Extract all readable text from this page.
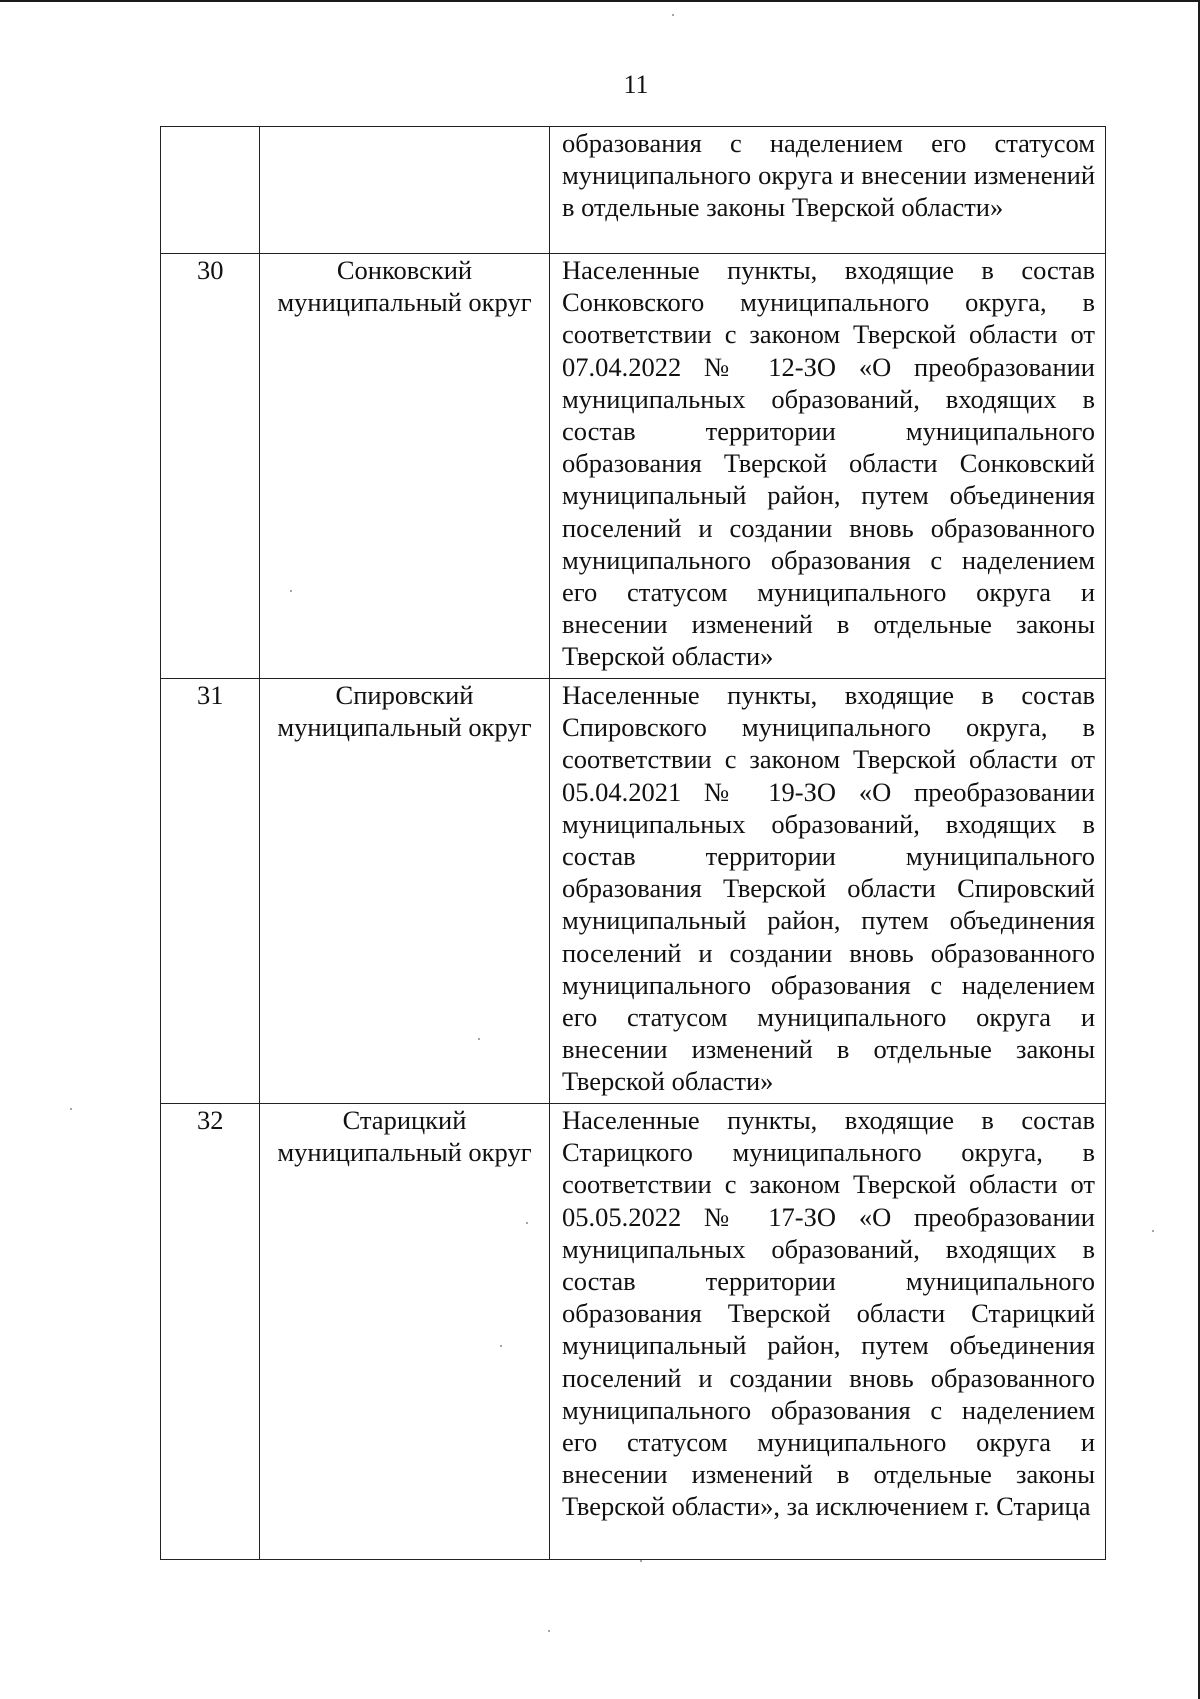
11
		образования с наделением его статусом муниципального округа и внесении изменений в отдельные законы Тверской области»
30	Сонковский муниципальный округ	Населенные пункты, входящие в состав Сонковского муниципального округа, в соответствии с законом Тверской области от 07.04.2022 № 12-ЗО «О преобразовании муниципальных образований, входящих в состав территории муниципального образования Тверской области Сонковский муниципальный район, путем объединения поселений и создании вновь образованного муниципального образования с наделением его статусом муниципального округа и внесении изменений в отдельные законы Тверской области»
31	Спировский муниципальный округ	Населенные пункты, входящие в состав Спировского муниципального округа, в соответствии с законом Тверской области от 05.04.2021 № 19-ЗО «О преобразовании муниципальных образований, входящих в состав территории муниципального образования Тверской области Спировский муниципальный район, путем объединения поселений и создании вновь образованного муниципального образования с наделением его статусом муниципального округа и внесении изменений в отдельные законы Тверской области»
32	Старицкий муниципальный округ	Населенные пункты, входящие в состав Старицкого муниципального округа, в соответствии с законом Тверской области от 05.05.2022 № 17-ЗО «О преобразовании муниципальных образований, входящих в состав территории муниципального образования Тверской области Старицкий муниципальный район, путем объединения поселений и создании вновь образованного муниципального образования с наделением его статусом муниципального округа и внесении изменений в отдельные законы Тверской области», за исключением г. Старица
